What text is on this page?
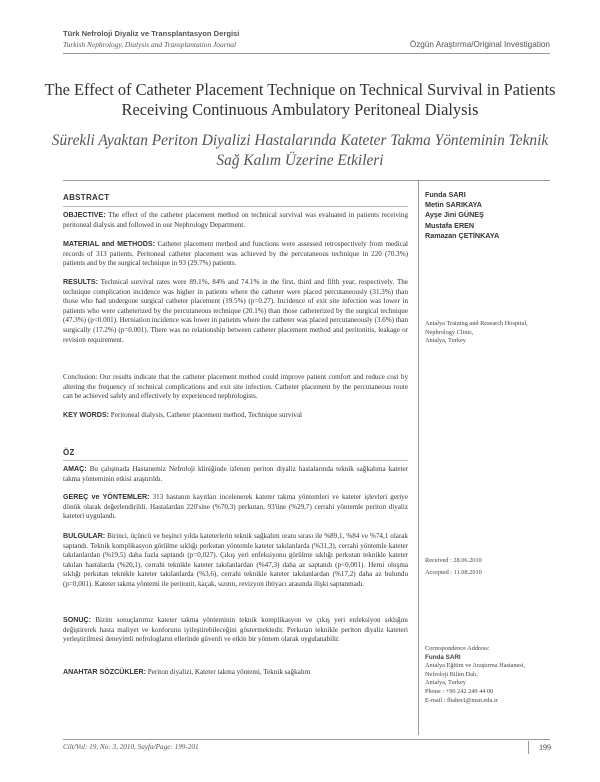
Türk Nefroloji Diyaliz ve Transplantasyon Dergisi
Turkish Nephrology, Dialysis and Transplantation Journal	Özgün Araştırma/Original Investigation
The Effect of Catheter Placement Technique on Technical Survival in Patients Receiving Continuous Ambulatory Peritoneal Dialysis
Sürekli Ayaktan Periton Diyalizi Hastalarında Kateter Takma Yönteminin Teknik Sağ Kalım Üzerine Etkileri
ABSTRACT
OBJECTIVE: The effect of the catheter placement method on technical survival was evaluated in patients receiving peritoneal dialysis and followed in our Nephrology Department.
MATERIAL and METHODS: Catheter placement method and functions were assessed retrospectively from medical records of 313 patients. Peritoneal catheter placement was achieved by the percutaneous technique in 220 (70.3%) patients and by the surgical technique in 93 (29.7%) patients.
RESULTS: Technical survival rates were 89.1%, 84% and 74.1% in the first, third and fifth year, respectively. The technique complication incidence was higher in patients where the catheter were placed percutaneously (31.3%) than those who had undergone surgical catheter placement (19.5%) (p=0.27). Incidence of exit site infection was lower in patients who were catheterized by the percutaneous technique (20.1%) than those catheterized by the surgical technique (47.3%) (p<0.001). Herniation incidence was lower in patients where the catheter was placed percutaneously (3.6%) than surgically (17.2%) (p=0.001). There was no relationship between catheter placement method and peritonitis, leakage or revision requirement.
Conclusion: Our results indicate that the catheter placement method could improve patient comfort and reduce cost by altering the frequency of technical complications and exit site infection. Catheter placement by the percutaneous route can be achieved safely and effectively by experienced nephrologists.
KEY WORDS: Peritoneal dialysis, Catheter placement method, Technique survival
ÖZ
AMAÇ: Bu çalışmada Hastanemiz Nefroloji kliniğinde izlenen periton diyaliz hastalarında teknik sağkalıma kateter takma yönteminin etkisi araştırıldı.
GEREÇ ve YÖNTEMLER: 313 hastanın kayıtları incelenerek kateter takma yöntemleri ve kateter işlevleri geriye dönük olarak değerlendirildi. Hastalardan 220'sine (%70,3) perkutan, 93'üne (%29,7) cerrahi yöntemle periton diyaliz kateteri uygulandı.
BULGULAR: Birinci, üçüncü ve beşinci yılda kateterlerin teknik sağkalım oranı sırası ile %89,1, %84 ve %74,1 olarak saptandı. Teknik komplikasyon görülme sıklığı perkutan yöntemle kateter takılanlarda (%31,3), cerrahi yöntemle kateter takılanlardan (%19,5) daha fazla saptandı (p=0,027). Çıkış yeri enfeksiyonu görülme sıklığı perkutan teknikle kateter takılan hastalarda (%20,1), cerrahi teknikle kateter takılanlardan (%47,3) daha az saptandı (p<0,001). Herni oluşma sıklığı perkutan teknikle kateter takılanlarda (%3,6), cerrahi teknikle kateter takılanlardan (%17,2) daha az bulundu (p=0,001). Kateter takma yöntemi ile peritonit, kaçak, sızıntı, revizyon ihtiyacı arasında ilişki saptanmadı.
SONUÇ: Bizim sonuçlarımız kateter takma yönteminin teknik komplikasyon ve çıkış yeri enfeksiyon sıklığını değiştirerek hasta maliyet ve konforunu iyileştirebileceğini göstermektedir. Perkutan teknikle periton diyaliz kateteri yerleştirilmesi deneyimli nefrologların ellerinde güvenli ve etkin bir yöntem olarak uygulanabilir.
ANAHTAR SÖZCÜKLER: Periton diyalizi, Kateter takma yöntemi, Teknik sağkalım
Funda SARI
Metin SARIKAYA
Ayşe Jini GÜNEŞ
Mustafa EREN
Ramazan ÇETİNKAYA
Antalya Training and Research Hospital,
Nephrology Clinic,
Antalya, Turkey
Received : 28.06.2010
Accepted : 11.08.2010
Correspondence Address:
Funda SARI
Antalya Eğitim ve Araştırma Hastanesi,
Nefroloji Bilim Dalı,
Antalya, Turkey
Phone : +90 242 249 44 00
E-mail : fhaheci@msn.edu.tr
Cilt/Vol: 19, No: 3, 2010, Sayfa/Page: 199-201	199
